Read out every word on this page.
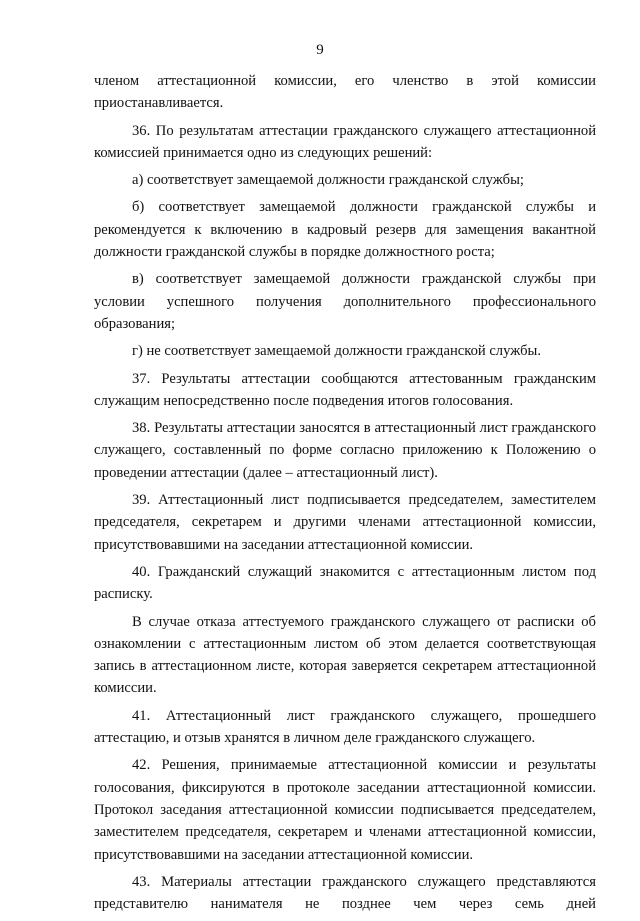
9

членом аттестационной комиссии, его членство в этой комиссии приостанавливается.

36. По результатам аттестации гражданского служащего аттестационной комиссией принимается одно из следующих решений:

а) соответствует замещаемой должности гражданской службы;

б) соответствует замещаемой должности гражданской службы и рекомендуется к включению в кадровый резерв для замещения вакантной должности гражданской службы в порядке должностного роста;

в) соответствует замещаемой должности гражданской службы при условии успешного получения дополнительного профессионального образования;

г) не соответствует замещаемой должности гражданской службы.

37. Результаты аттестации сообщаются аттестованным гражданским служащим непосредственно после подведения итогов голосования.

38. Результаты аттестации заносятся в аттестационный лист гражданского служащего, составленный по форме согласно приложению к Положению о проведении аттестации (далее – аттестационный лист).

39. Аттестационный лист подписывается председателем, заместителем председателя, секретарем и другими членами аттестационной комиссии, присутствовавшими на заседании аттестационной комиссии.

40. Гражданский служащий знакомится с аттестационным листом под расписку.

В случае отказа аттестуемого гражданского служащего от расписки об ознакомлении с аттестационным листом об этом делается соответствующая запись в аттестационном листе, которая заверяется секретарем аттестационной комиссии.

41. Аттестационный лист гражданского служащего, прошедшего аттестацию, и отзыв хранятся в личном деле гражданского служащего.

42. Решения, принимаемые аттестационной комиссии и результаты голосования, фиксируются в протоколе заседании аттестационной комиссии. Протокол заседания аттестационной комиссии подписывается председателем, заместителем председателя, секретарем и членами аттестационной комиссии, присутствовавшими на заседании аттестационной комиссии.

43. Материалы аттестации гражданского служащего представляются представителю нанимателя не позднее чем через семь дней
